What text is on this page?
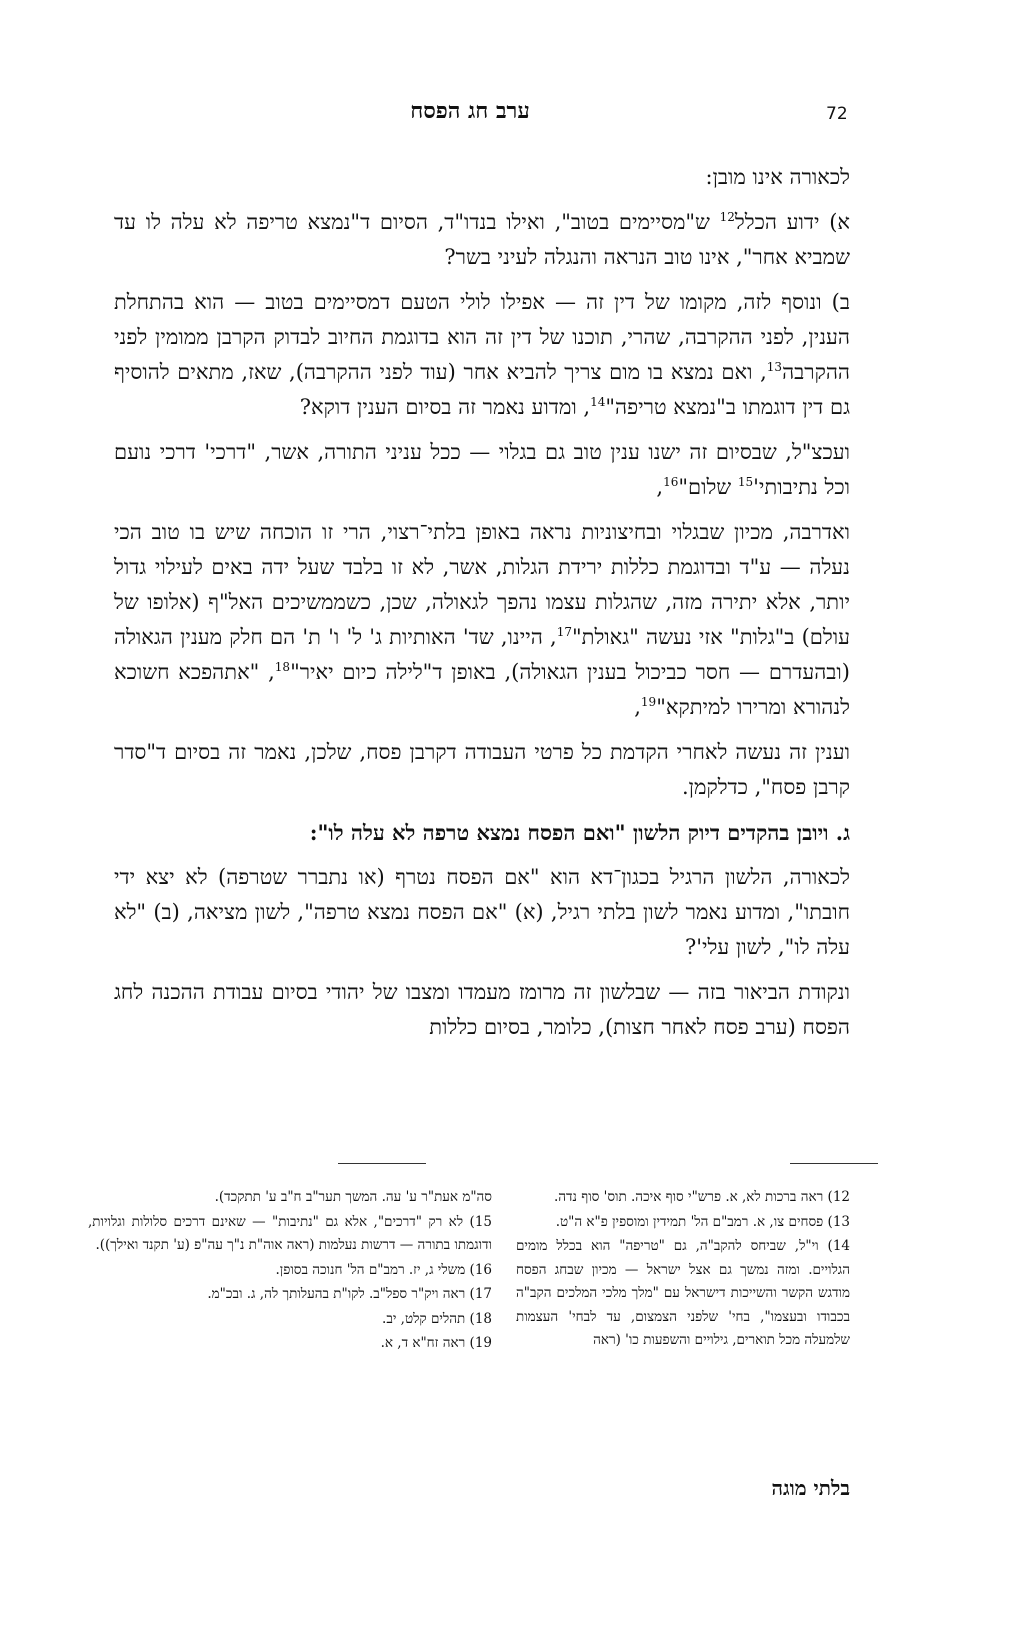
ערב חג הפסח	72

לכאורה אינו מובן:

א) ידוע הכלל$^{12}$ ש"מסיימים בטוב", ואילו בנדו"ד, הסיום ד"נמצא טריפה לא עלה לו עד שמביא אחר", אינו טוב הנראה והנגלה לעיני בשר?

ב) ונוסף לזה, מקומו של דין זה — אפילו לולי הטעם דמסיימים בטוב — הוא בהתחלת הענין, לפני ההקרבה, שהרי, תוכנו של דין זה הוא בדוגמת החיוב לבדוק הקרבן ממומין לפני ההקרבה$^{13}$, ואם נמצא בו מום צריך להביא אחר (עוד לפני ההקרבה), שאז, מתאים להוסיף גם דין דוגמתו ב"נמצא טריפה"$^{14}$, ומדוע נאמר זה בסיום הענין דוקא?

ועכצ"ל, שבסיום זה ישנו ענין טוב גם בגלוי — ככל עניני התורה, אשר, "דרכי' דרכי נועם וכל $נתיבותי'^{15}$ שלום"$^{16}$,

ואדרבה, מכיון שבגלוי ובחיצוניות נראה באופן בלתי־רצוי, הרי זו הוכחה שיש בו טוב הכי נעלה — ע"ד ובדוגמת כללות ירידת הגלות, אשר, לא זו בלבד שעל ידה באים לעילוי גדול יותר, אלא יתירה מזה, שהגלות עצמו נהפך לגאולה, שכן, כשממשיכים האל"ף (אלופו של עולם) ב"גלות" אזי נעשה "גאולת"$^{17}$, היינו, שד' האותיות ג' ל' ו' ת' הם חלק מענין הגאולה (ובהעדרם — חסר כביכול בענין הגאולה), באופן ד"לילה כיום יאיר"$^{18}$, "אתהפכא חשוכא לנהורא ומרירו למיתקא"$^{19}$,

וענין זה נעשה לאחרי הקדמת כל פרטי העבודה דקרבן פסח, שלכן, נאמר זה בסיום ד"סדר קרבן פסח", כדלקמן.

ג. ויובן בהקדים דיוק הלשון "ואם הפסח נמצא טרפה לא עלה לו":

לכאורה, הלשון הרגיל בכגון־דא הוא "אם הפסח נטרף (או נתברר שטרפה) לא יצא ידי חובתו", ומדוע נאמר לשון בלתי רגיל, (א) "אם הפסח נמצא טרפה", לשון מציאה, (ב) "לא עלה לו", לשון עלי'?

ונקודת הביאור בזה — שבלשון זה מרומז מעמדו ומצבו של יהודי בסיום עבודת ההכנה לחג הפסח (ערב פסח לאחר חצות), כלומר, בסיום כללות

12) ראה ברכות לא, א. פרש"י סוף איכה. תוס' סוף נדה.
13) פסחים צו, א. רמב"ם הל' תמידין ומוספין פ"א ה"ט.
14) וי"ל, שביחס להקב"ה, גם "טריפה" הוא בכלל מומים הגלויים. ומזה נמשך גם אצל ישראל — מכיון שבחג הפסח מודגש הקשר והשייכות דישראל עם "מלך מלכי המלכים הקב"ה בכבודו ובעצמו", בחי' שלפני הצמצום, עד לבחי' העצמות שלמעלה מכל תוארים, גילויים והשפעות כו' (ראה
סה"מ אעת"ר ע' עה. המשך תער"ב ח"ב ע' תתקכד).
15) לא רק "דרכים", אלא גם "נתיבות" — שאינם דרכים סלולות וגלויות, ודוגמתו בתורה — דרשות נעלמות (ראה אוה"ת נ"ך עה"פ (ע' תקנד ואילך)).
16) משלי ג, יז. רמב"ם הל' חנוכה בסופן.
17) ראה ויק"ר ספל"ב. לקו"ת בהעלותך לה, ג. ובכ"מ.
18) תהלים קלט, יב.
19) ראה זח"א ד, א.
בלתי מוגה
